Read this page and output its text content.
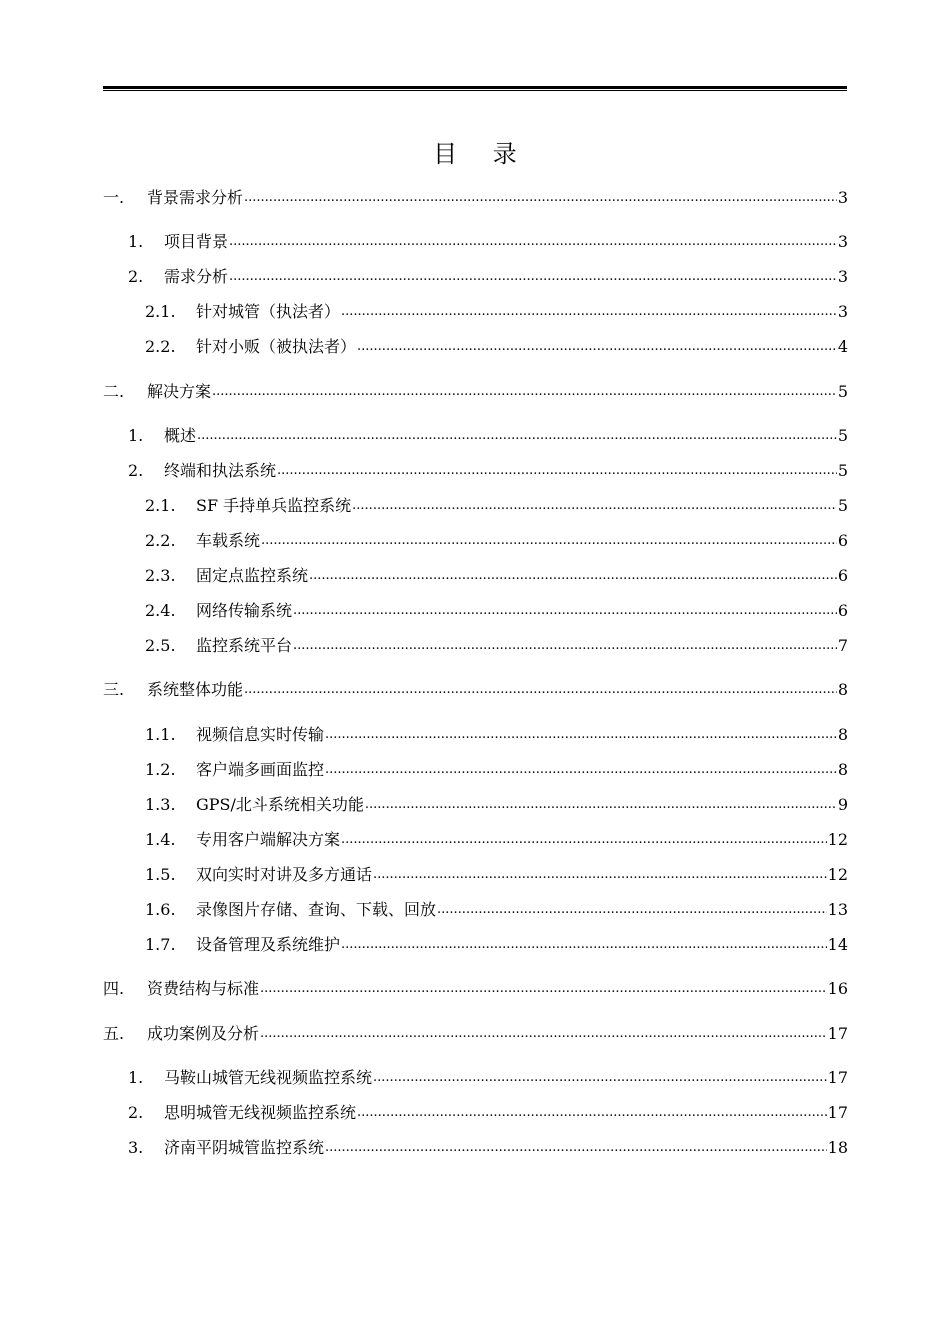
目 录
一.	背景需求分析 .....	3
1.	项目背景 .....	3
2.	需求分析 .....	3
2.1.	针对城管（执法者） .....	3
2.2.	针对小贩（被执法者） .....	4
二.	解决方案 .....	5
1.	概述 .....	5
2.	终端和执法系统 .....	5
2.1.	SF 手持单兵监控系统 .....	5
2.2.	车载系统 .....	6
2.3.	固定点监控系统 .....	6
2.4.	网络传输系统 .....	6
2.5.	监控系统平台 .....	7
三.	系统整体功能 .....	8
1.1.	视频信息实时传输 .....	8
1.2.	客户端多画面监控 .....	8
1.3.	GPS/北斗系统相关功能 .....	9
1.4.	专用客户端解决方案 .....	12
1.5.	双向实时对讲及多方通话 .....	12
1.6.	录像图片存储、查询、下载、回放 .....	13
1.7.	设备管理及系统维护 .....	14
四.	资费结构与标准 .....	16
五.	成功案例及分析 .....	17
1.	马鞍山城管无线视频监控系统 .....	17
2.	思明城管无线视频监控系统 .....	17
3.	济南平阴城管监控系统 .....	18
